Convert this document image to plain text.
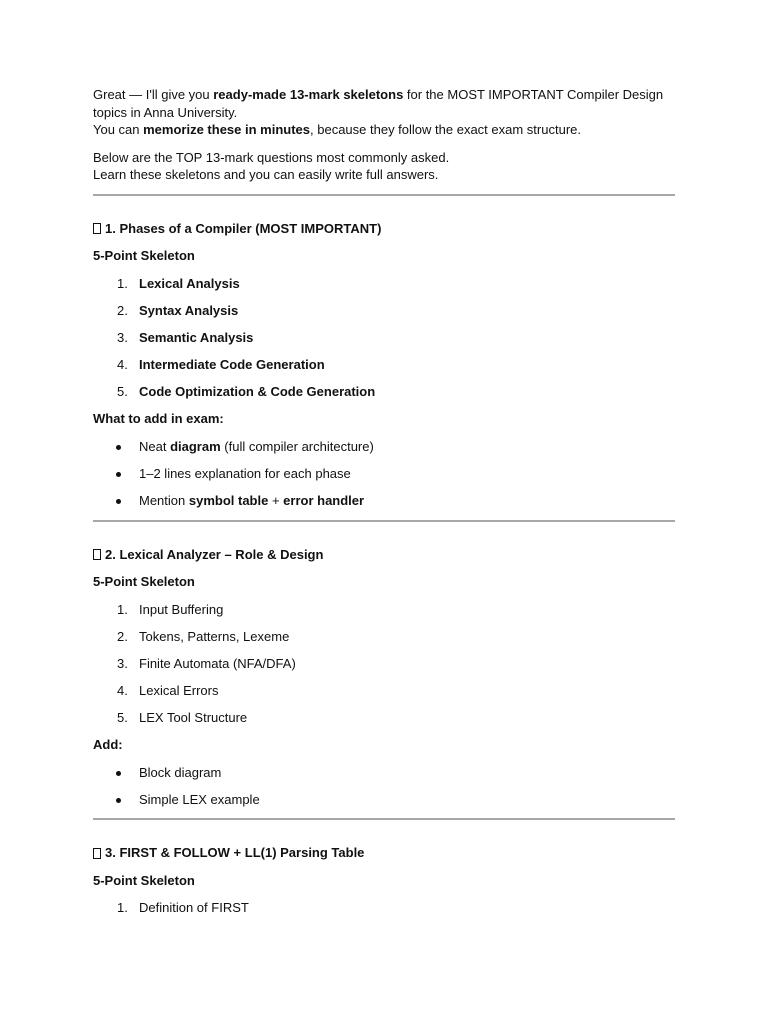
Great — I'll give you ready-made 13-mark skeletons for the MOST IMPORTANT Compiler Design topics in Anna University.
You can memorize these in minutes, because they follow the exact exam structure.

Below are the TOP 13-mark questions most commonly asked.
Learn these skeletons and you can easily write full answers.

1. Phases of a Compiler (MOST IMPORTANT)

5-Point Skeleton

1. Lexical Analysis
2. Syntax Analysis
3. Semantic Analysis
4. Intermediate Code Generation
5. Code Optimization & Code Generation

What to add in exam:

Neat diagram (full compiler architecture)
1–2 lines explanation for each phase
Mention symbol table + error handler

2. Lexical Analyzer – Role & Design

5-Point Skeleton

1. Input Buffering
2. Tokens, Patterns, Lexeme
3. Finite Automata (NFA/DFA)
4. Lexical Errors
5. LEX Tool Structure

Add:

Block diagram
Simple LEX example

3. FIRST & FOLLOW + LL(1) Parsing Table

5-Point Skeleton

1. Definition of FIRST
